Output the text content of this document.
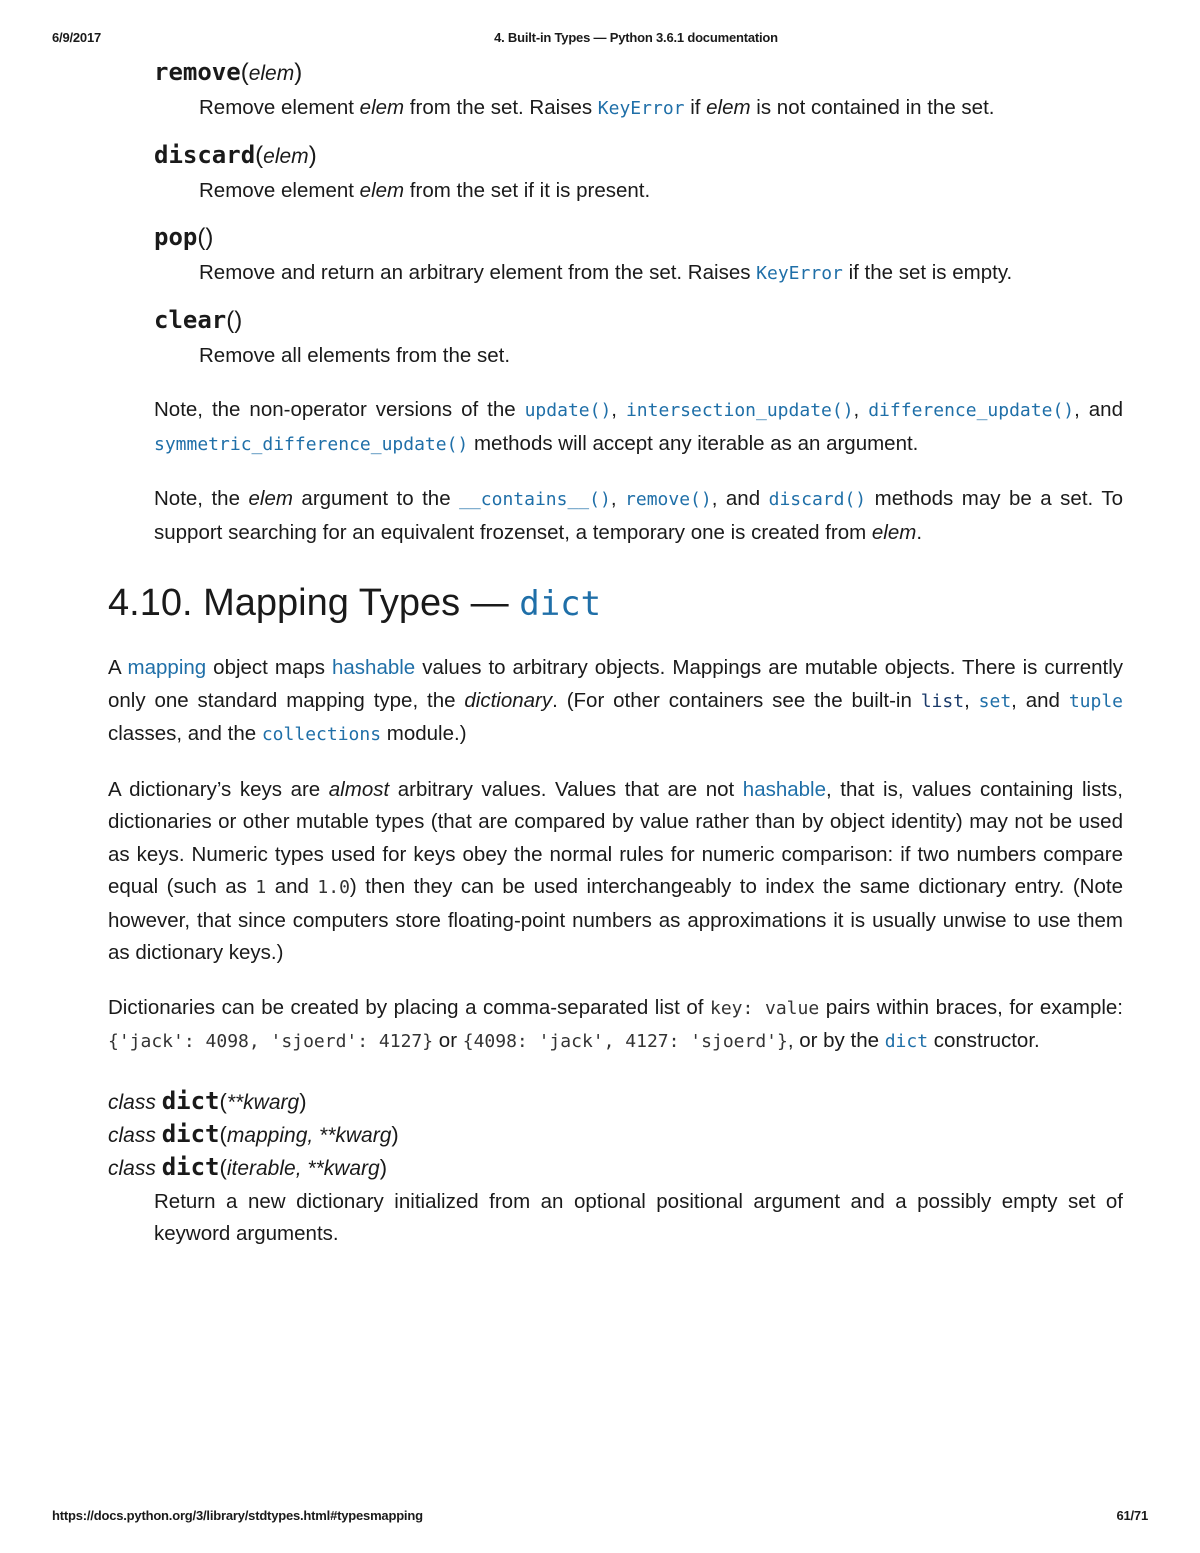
6/9/2017	4. Built-in Types — Python 3.6.1 documentation
remove(elem)
Remove element elem from the set. Raises KeyError if elem is not contained in the set.
discard(elem)
Remove element elem from the set if it is present.
pop()
Remove and return an arbitrary element from the set. Raises KeyError if the set is empty.
clear()
Remove all elements from the set.
Note, the non-operator versions of the update(), intersection_update(), difference_update(), and symmetric_difference_update() methods will accept any iterable as an argument.
Note, the elem argument to the __contains__(), remove(), and discard() methods may be a set. To support searching for an equivalent frozenset, a temporary one is created from elem.
4.10. Mapping Types — dict
A mapping object maps hashable values to arbitrary objects. Mappings are mutable objects. There is currently only one standard mapping type, the dictionary. (For other containers see the built-in list, set, and tuple classes, and the collections module.)
A dictionary’s keys are almost arbitrary values. Values that are not hashable, that is, values containing lists, dictionaries or other mutable types (that are compared by value rather than by object identity) may not be used as keys. Numeric types used for keys obey the normal rules for numeric comparison: if two numbers compare equal (such as 1 and 1.0) then they can be used interchangeably to index the same dictionary entry. (Note however, that since computers store floating-point numbers as approximations it is usually unwise to use them as dictionary keys.)
Dictionaries can be created by placing a comma-separated list of key: value pairs within braces, for example: {'jack': 4098, 'sjoerd': 4127} or {4098: 'jack', 4127: 'sjoerd'}, or by the dict constructor.
class dict(**kwarg)
class dict(mapping, **kwarg)
class dict(iterable, **kwarg)
Return a new dictionary initialized from an optional positional argument and a possibly empty set of keyword arguments.
https://docs.python.org/3/library/stdtypes.html#typesmapping	61/71
